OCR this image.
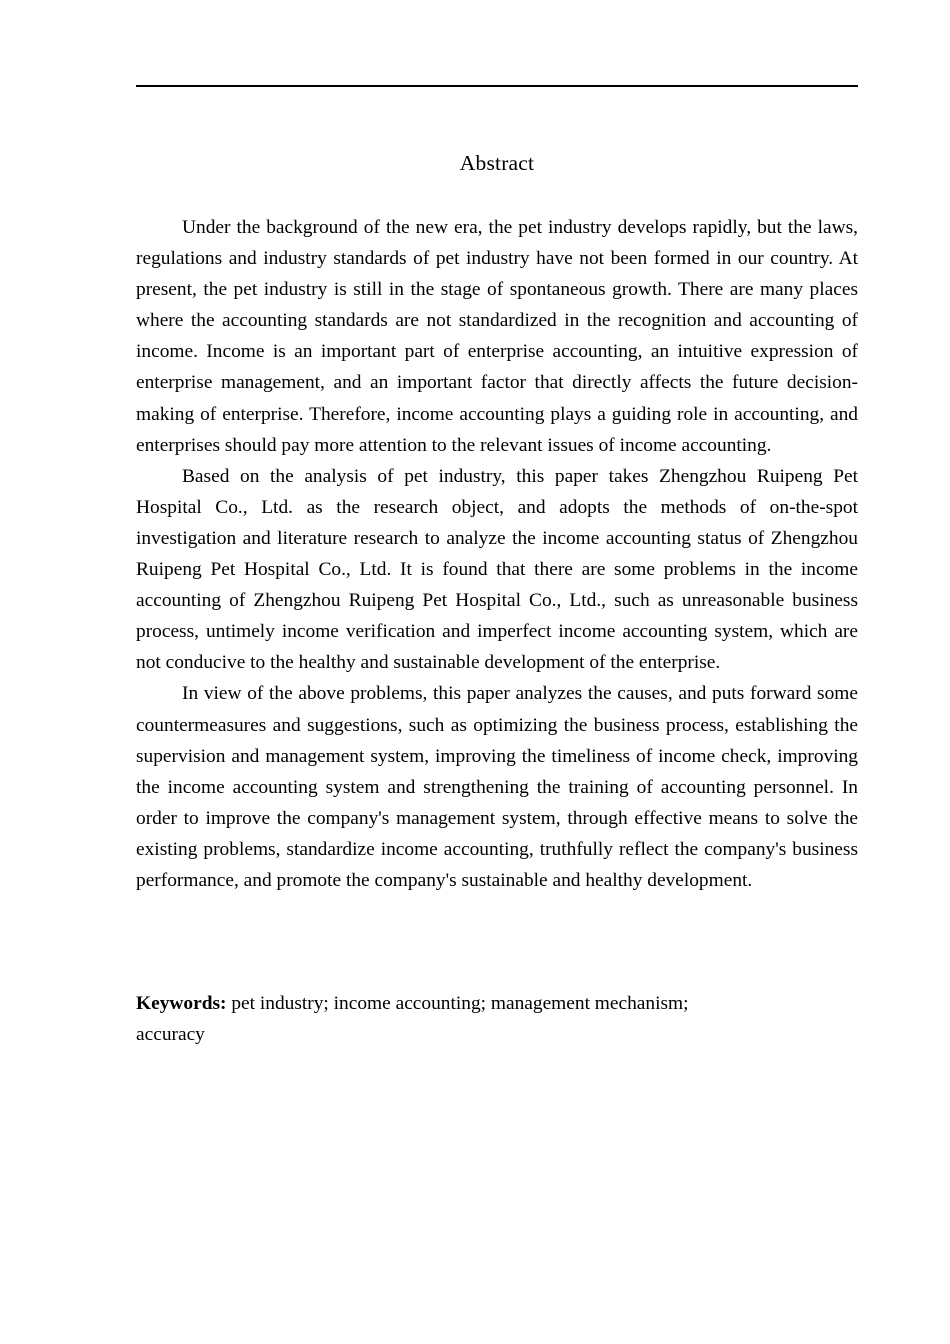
Abstract

Under the background of the new era, the pet industry develops rapidly, but the laws, regulations and industry standards of pet industry have not been formed in our country. At present, the pet industry is still in the stage of spontaneous growth. There are many places where the accounting standards are not standardized in the recognition and accounting of income. Income is an important part of enterprise accounting, an intuitive expression of enterprise management, and an important factor that directly affects the future decision-making of enterprise. Therefore, income accounting plays a guiding role in accounting, and enterprises should pay more attention to the relevant issues of income accounting.

Based on the analysis of pet industry, this paper takes Zhengzhou Ruipeng Pet Hospital Co., Ltd. as the research object, and adopts the methods of on-the-spot investigation and literature research to analyze the income accounting status of Zhengzhou Ruipeng Pet Hospital Co., Ltd. It is found that there are some problems in the income accounting of Zhengzhou Ruipeng Pet Hospital Co., Ltd., such as unreasonable business process, untimely income verification and imperfect income accounting system, which are not conducive to the healthy and sustainable development of the enterprise.

In view of the above problems, this paper analyzes the causes, and puts forward some countermeasures and suggestions, such as optimizing the business process, establishing the supervision and management system, improving the timeliness of income check, improving the income accounting system and strengthening the training of accounting personnel. In order to improve the company's management system, through effective means to solve the existing problems, standardize income accounting, truthfully reflect the company's business performance, and promote the company's sustainable and healthy development.

Keywords: pet industry; income accounting; management mechanism;
accuracy
